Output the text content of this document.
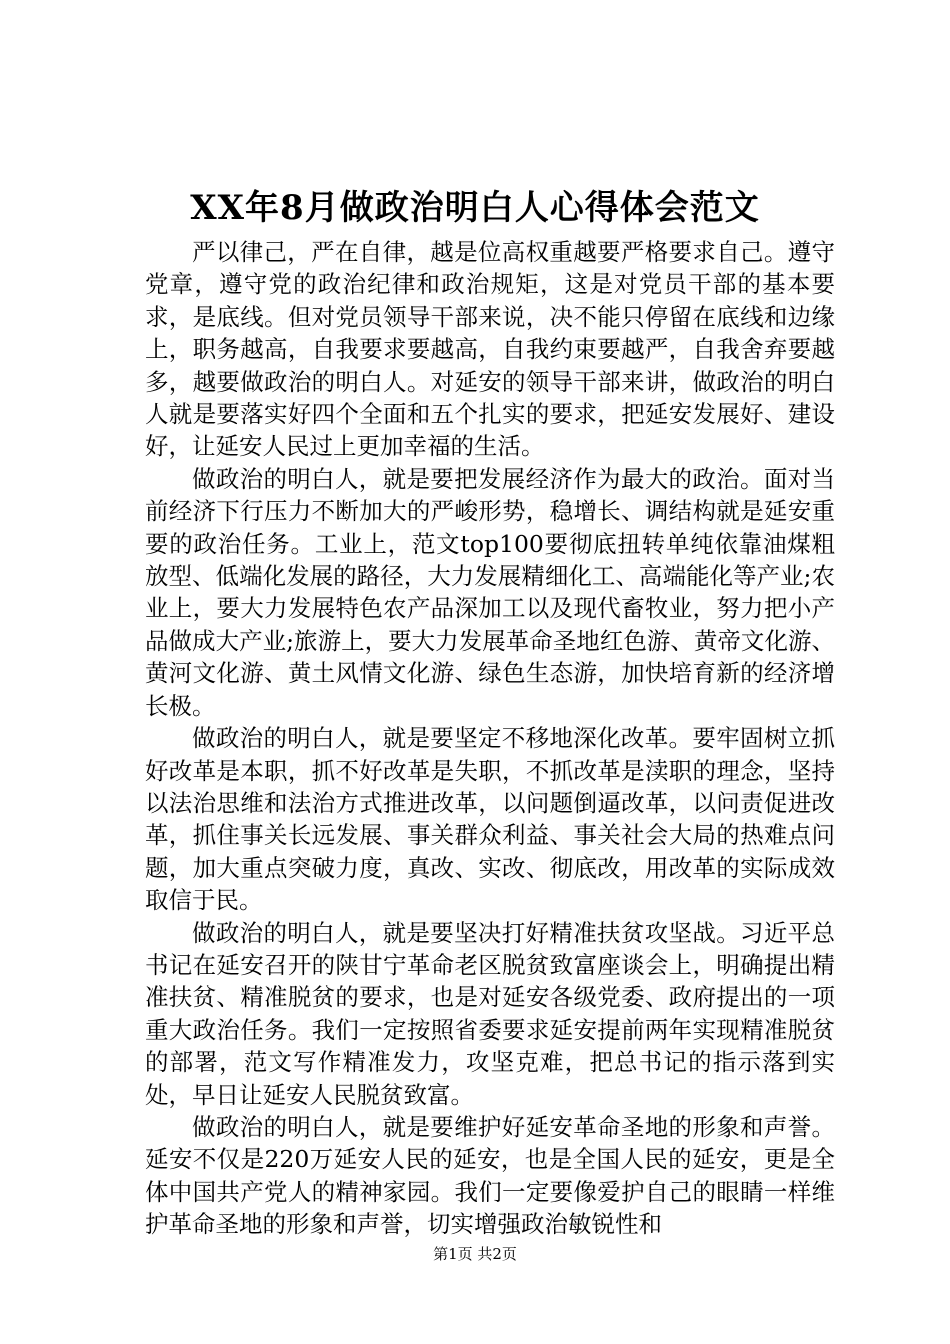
XX年8月做政治明白人心得体会范文

严以律己，严在自律，越是位高权重越要严格要求自己。遵守党章，遵守党的政治纪律和政治规矩，这是对党员干部的基本要求，是底线。但对党员领导干部来说，决不能只停留在底线和边缘上，职务越高，自我要求要越高，自我约束要越严，自我舍弃要越多，越要做政治的明白人。对延安的领导干部来讲，做政治的明白人就是要落实好四个全面和五个扎实的要求，把延安发展好、建设好，让延安人民过上更加幸福的生活。

做政治的明白人，就是要把发展经济作为最大的政治。面对当前经济下行压力不断加大的严峻形势，稳增长、调结构就是延安重要的政治任务。工业上，范文top100要彻底扭转单纯依靠油煤粗放型、低端化发展的路径，大力发展精细化工、高端能化等产业;农业上，要大力发展特色农产品深加工以及现代畜牧业，努力把小产品做成大产业;旅游上，要大力发展革命圣地红色游、黄帝文化游、黄河文化游、黄土风情文化游、绿色生态游，加快培育新的经济增长极。

做政治的明白人，就是要坚定不移地深化改革。要牢固树立抓好改革是本职，抓不好改革是失职，不抓改革是渎职的理念，坚持以法治思维和法治方式推进改革，以问题倒逼改革，以问责促进改革，抓住事关长远发展、事关群众利益、事关社会大局的热难点问题，加大重点突破力度，真改、实改、彻底改，用改革的实际成效取信于民。

做政治的明白人，就是要坚决打好精准扶贫攻坚战。习近平总书记在延安召开的陕甘宁革命老区脱贫致富座谈会上，明确提出精准扶贫、精准脱贫的要求，也是对延安各级党委、政府提出的一项重大政治任务。我们一定按照省委要求延安提前两年实现精准脱贫的部署，范文写作精准发力，攻坚克难，把总书记的指示落到实处，早日让延安人民脱贫致富。

做政治的明白人，就是要维护好延安革命圣地的形象和声誉。延安不仅是220万延安人民的延安，也是全国人民的延安，更是全体中国共产党人的精神家园。我们一定要像爱护自己的眼睛一样维护革命圣地的形象和声誉，切实增强政治敏锐性和

第1页 共2页
